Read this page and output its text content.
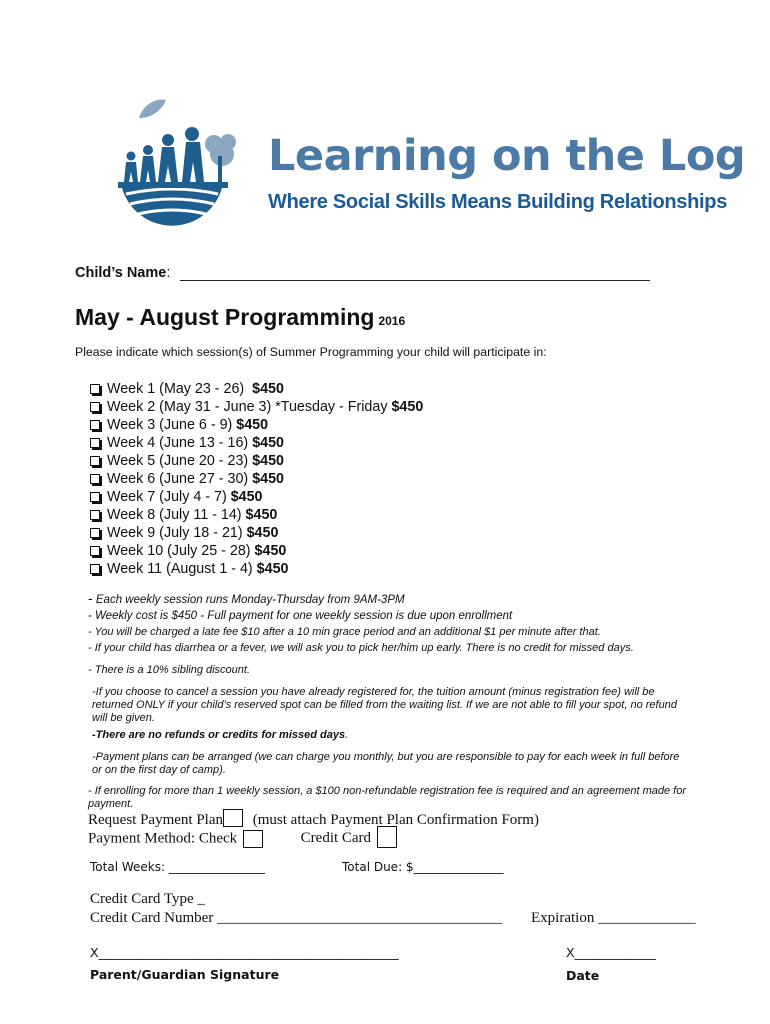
Learning on the Log
Where Social Skills Means Building Relationships
Child’s Name:
May - August Programming 2016
Please indicate which session(s) of Summer Programming your child will participate in:
Week 1 (May 23 - 26)
$450
Week 2 (May 31 - June 3) *Tuesday - Friday
$450
Week 3 (June 6 - 9)
$450
Week 4 (June 13 - 16)
$450
Week 5 (June 20 - 23)
$450
Week 6 (June 27 - 30)
$450
Week 7 (July 4 - 7)
$450
Week 8 (July 11 - 14)
$450
Week 9 (July 18 - 21)
$450
Week 10 (July 25 - 28)
$450
Week 11 (August 1 - 4)
$450

- Each weekly session runs Monday-Thursday from 9AM-3PM

- Weekly cost is $450 - Full payment for one weekly session is due upon enrollment

- You will be charged a late fee $10 after a 10 min grace period and an additional $1 per minute after that.

- If your child has diarrhea or a fever, we will ask you to pick her/him up early. There is no credit for missed days.

- There is a 10% sibling discount.

-If you choose to cancel a session you have already registered for, the tuition amount (minus registration fee) will be returned ONLY if your child’s reserved spot can be filled from the waiting list. If we are not able to fill your spot, no refund will be given.

-There are no refunds or credits for missed days.

-Payment plans can be arranged (we can charge you monthly, but you are responsible to pay for each week in full before or on the first day of camp).

- If enrolling for more than 1 weekly session, a $100 non-refundable registration fee is required and an agreement made for payment.

Request Payment Plan (must attach Payment Plan Confirmation Form)
Payment Method: Check	Credit Card
Total Weeks: ________________	Total Due: $_______________
Credit Card Type _
Credit Card Number ______________________________________ Expiration _____________
X________________________________________________
Parent/Guardian Signature
X_____________
Date
